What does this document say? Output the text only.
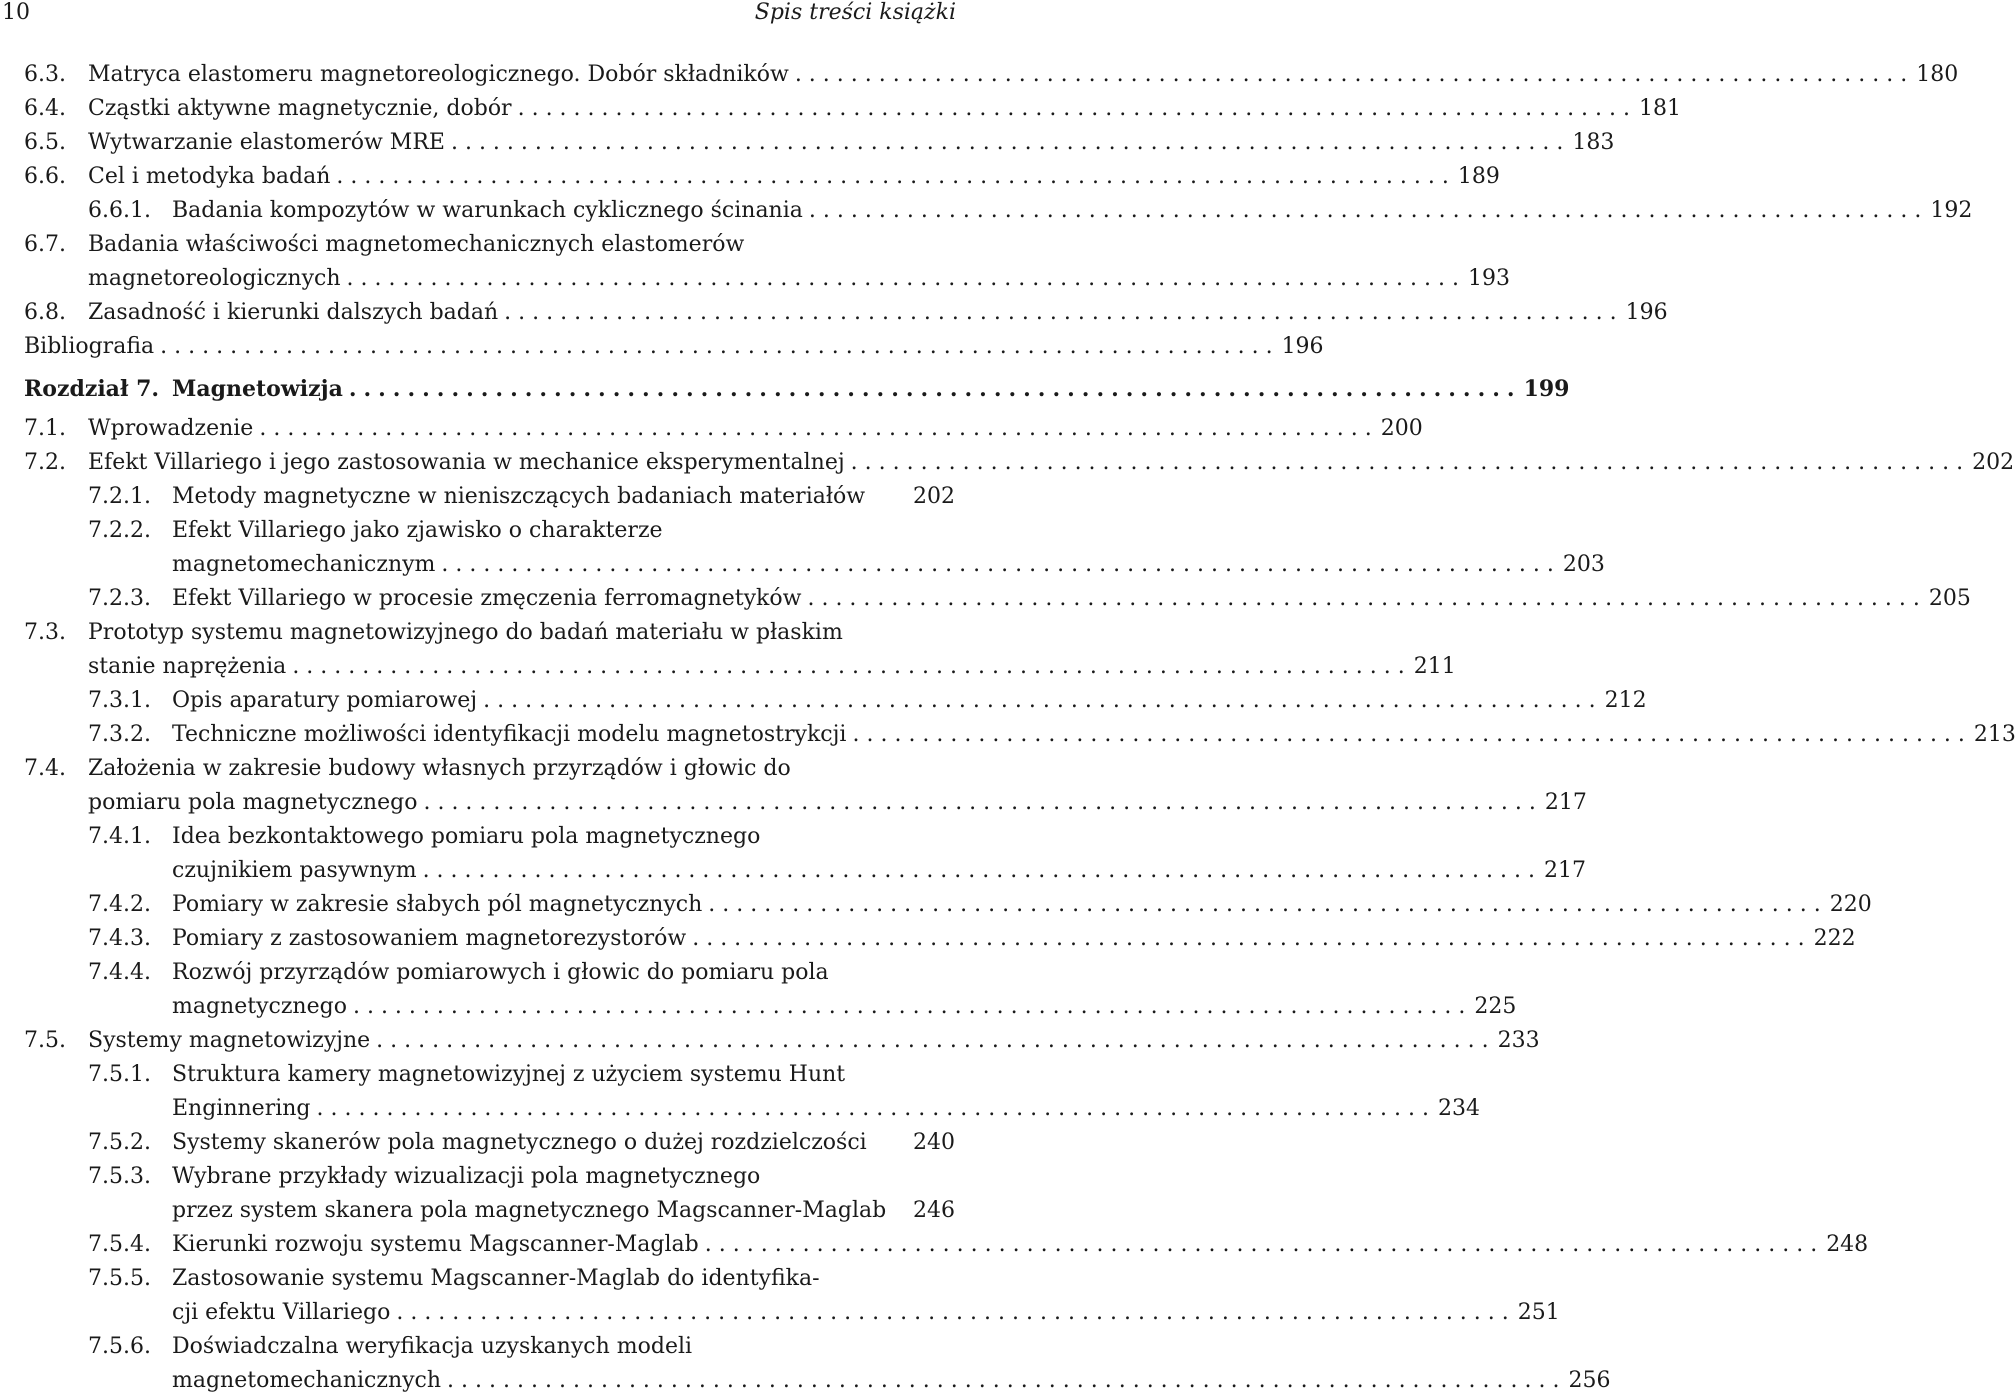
10	Spis treści książki
6.3. Matryca elastomeru magnetoreologicznego. Dobór składników ................................................................................ 180
6.4. Cząstki aktywne magnetycznie, dobór ................................................................................ 181
6.5. Wytwarzanie elastomerów MRE ................................................................................ 183
6.6. Cel i metodyka badań ................................................................................ 189
6.6.1. Badania kompozytów w warunkach cyklicznego ścinania ................................................................................ 192
6.7. Badania właściwości magnetomechanicznych elastomerów
magnetoreologicznych ................................................................................ 193
6.8. Zasadność i kierunki dalszych badań ................................................................................ 196
Bibliografia ................................................................................ 196
Rozdział 7. Magnetowizja ................................................................................ 199
7.1. Wprowadzenie ................................................................................ 200
7.2. Efekt Villariego i jego zastosowania w mechanice eksperymentalnej ................................................................................ 202
7.2.1. Metody magnetyczne w nieniszczących badaniach materiałów 202
7.2.2. Efekt Villariego jako zjawisko o charakterze
magnetomechanicznym ................................................................................ 203
7.2.3. Efekt Villariego w procesie zmęczenia ferromagnetyków ................................................................................ 205
7.3. Prototyp systemu magnetowizyjnego do badań materiału w płaskim
stanie naprężenia ................................................................................ 211
7.3.1. Opis aparatury pomiarowej ................................................................................ 212
7.3.2. Techniczne możliwości identyfikacji modelu magnetostrykcji ................................................................................ 213
7.4. Założenia w zakresie budowy własnych przyrządów i głowic do
pomiaru pola magnetycznego ................................................................................ 217
7.4.1. Idea bezkontaktowego pomiaru pola magnetycznego
czujnikiem pasywnym ................................................................................ 217
7.4.2. Pomiary w zakresie słabych pól magnetycznych ................................................................................ 220
7.4.3. Pomiary z zastosowaniem magnetorezystorów ................................................................................ 222
7.4.4. Rozwój przyrządów pomiarowych i głowic do pomiaru pola
magnetycznego ................................................................................ 225
7.5. Systemy magnetowizyjne ................................................................................ 233
7.5.1. Struktura kamery magnetowizyjnej z użyciem systemu Hunt
Enginnering ................................................................................ 234
7.5.2. Systemy skanerów pola magnetycznego o dużej rozdzielczości 240
7.5.3. Wybrane przykłady wizualizacji pola magnetycznego
przez system skanera pola magnetycznego Magscanner-Maglab 246
7.5.4. Kierunki rozwoju systemu Magscanner-Maglab ................................................................................ 248
7.5.5. Zastosowanie systemu Magscanner-Maglab do identyfika-
cji efektu Villariego ................................................................................ 251
7.5.6. Doświadczalna weryfikacja uzyskanych modeli
magnetomechanicznych ................................................................................ 256
